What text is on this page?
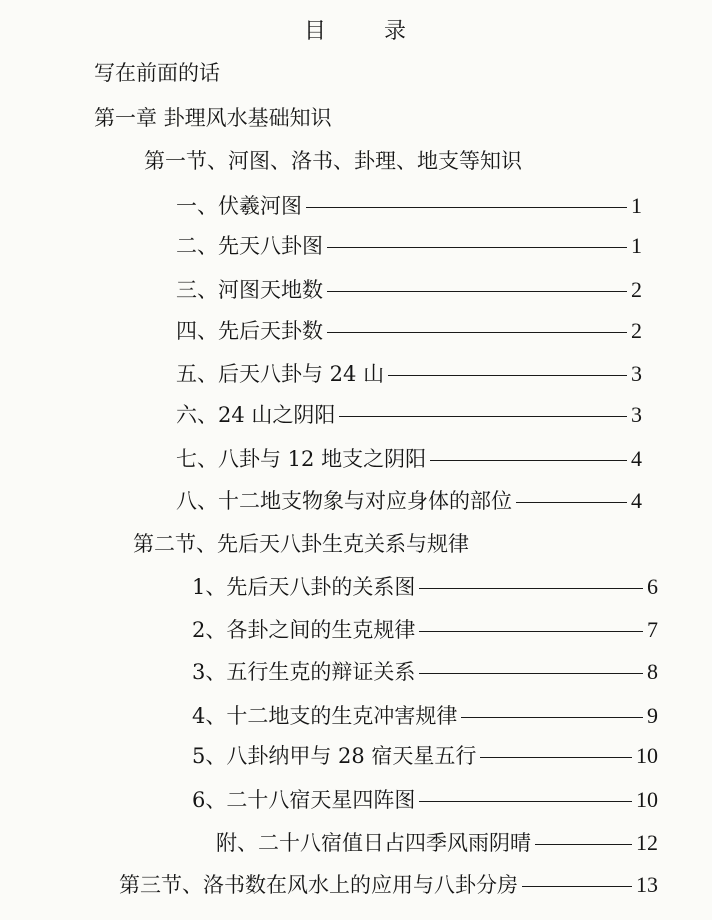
目	录
写在前面的话
第一章 卦理风水基础知识
第一节、河图、洛书、卦理、地支等知识
一、伏羲河图	1
二、先天八卦图	1
三、河图天地数	2
四、先后天卦数	2
五、后天八卦与 24 山	3
六、24 山之阴阳	3
七、八卦与 12 地支之阴阳	4
八、十二地支物象与对应身体的部位	4
第二节、先后天八卦生克关系与规律
1、先后天八卦的关系图	6
2、各卦之间的生克规律	7
3、五行生克的辩证关系	8
4、十二地支的生克冲害规律	9
5、八卦纳甲与 28 宿天星五行	10
6、二十八宿天星四阵图	10
附、二十八宿值日占四季风雨阴晴	12
第三节、洛书数在风水上的应用与八卦分房	13
